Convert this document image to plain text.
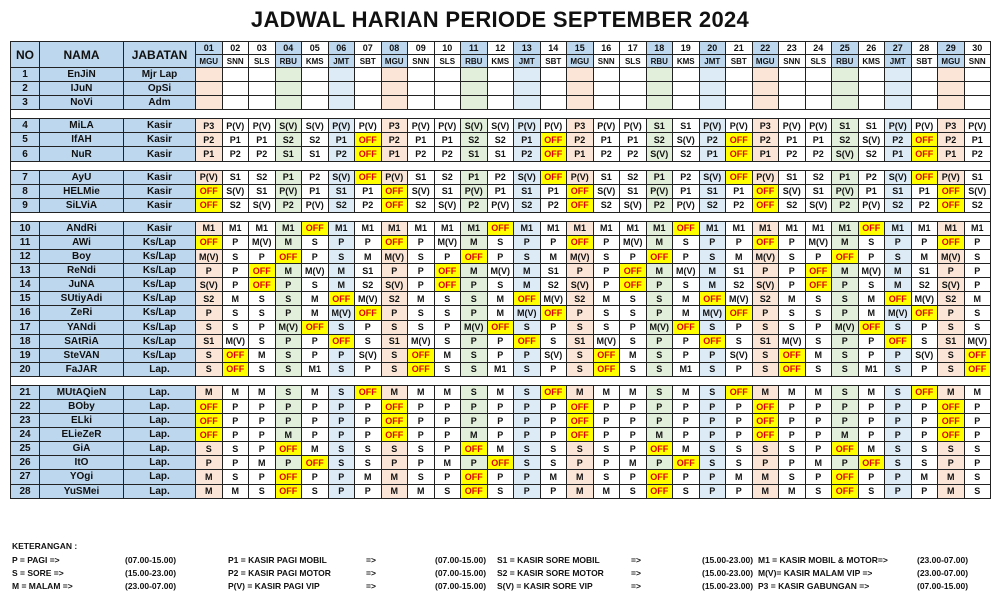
JADWAL HARIAN PERIODE SEPTEMBER 2024
NO	NAMA	JABATAN	01	02	03	04	05	06	07	08	09	10	11	12	13	14	15	16	17	18	19	20	21	22	23	24	25	26	27	28	29	30
			MGU	SNN	SLS	RBU	KMS	JMT	SBT	MGU	SNN	SLS	RBU	KMS	JMT	SBT	MGU	SNN	SLS	RBU	KMS	JMT	SBT	MGU	SNN	SLS	RBU	KMS	JMT	SBT	MGU	SNN
1	EnJiN	Mjr Lap																														
2	IJuN	OpSi																														
3	NoVi	Adm																														

4	MiLA	Kasir	P3	P(V)	P(V)	S(V)	S(V)	P(V)	P(V)	P3	P(V)	P(V)	S(V)	S(V)	P(V)	P(V)	P3	P(V)	P(V)	S1	S1	P(V)	P(V)	P3	P(V)	P(V)	S1	S1	P(V)	P(V)	P3	P(V)
5	IfAH	Kasir	P2	P1	P1	S2	S2	P1	OFF	P2	P1	P1	S2	S2	P1	OFF	P2	P1	P1	S2	S(V)	P2	OFF	P2	P1	P1	S2	S(V)	P2	OFF	P2	P1
6	NuR	Kasir	P1	P2	P2	S1	S1	P2	OFF	P1	P2	P2	S1	S1	P2	OFF	P1	P2	P2	S(V)	S2	P1	OFF	P1	P2	P2	S(V)	S2	P1	OFF	P1	P2

7	AyU	Kasir	P(V)	S1	S2	P1	P2	S(V)	OFF	P(V)	S1	S2	P1	P2	S(V)	OFF	P(V)	S1	S2	P1	P2	S(V)	OFF	P(V)	S1	S2	P1	P2	S(V)	OFF	P(V)	S1
8	HELMie	Kasir	OFF	S(V)	S1	P(V)	P1	S1	P1	OFF	S(V)	S1	P(V)	P1	S1	P1	OFF	S(V)	S1	P(V)	P1	S1	P1	OFF	S(V)	S1	P(V)	P1	S1	P1	OFF	S(V)
9	SiLViA	Kasir	OFF	S2	S(V)	P2	P(V)	S2	P2	OFF	S2	S(V)	P2	P(V)	S2	P2	OFF	S2	S(V)	P2	P(V)	S2	P2	OFF	S2	S(V)	P2	P(V)	S2	P2	OFF	S2

10	ANdRi	Kasir	M1	M1	M1	M1	OFF	M1	M1	M1	M1	M1	M1	OFF	M1	M1	M1	M1	M1	M1	OFF	M1	M1	M1	M1	M1	M1	OFF	M1	M1	M1	M1
11	AWi	Ks/Lap	OFF	P	M(V)	M	S	P	P	OFF	P	M(V)	M	S	P	P	OFF	P	M(V)	M	S	P	P	OFF	P	M(V)	M	S	P	P	OFF	P
12	Boy	Ks/Lap	M(V)	S	P	OFF	P	S	M	M(V)	S	P	OFF	P	S	M	M(V)	S	P	OFF	P	S	M	M(V)	S	P	OFF	P	S	M	M(V)	S
13	ReNdi	Ks/Lap	P	P	OFF	M	M(V)	M	S1	P	P	OFF	M	M(V)	M	S1	P	P	OFF	M	M(V)	M	S1	P	P	OFF	M	M(V)	M	S1	P	P
14	JuNA	Ks/Lap	S(V)	P	OFF	P	S	M	S2	S(V)	P	OFF	P	S	M	S2	S(V)	P	OFF	P	S	M	S2	S(V)	P	OFF	P	S	M	S2	S(V)	P
15	SUtiyAdi	Ks/Lap	S2	M	S	S	M	OFF	M(V)	S2	M	S	S	M	OFF	M(V)	S2	M	S	S	M	OFF	M(V)	S2	M	S	S	M	OFF	M(V)	S2	M
16	ZeRi	Ks/Lap	P	S	S	P	M	M(V)	OFF	P	S	S	P	M	M(V)	OFF	P	S	S	P	M	M(V)	OFF	P	S	S	P	M	M(V)	OFF	P	S
17	YANdi	Ks/Lap	S	S	P	M(V)	OFF	S	P	S	S	P	M(V)	OFF	S	P	S	S	P	M(V)	OFF	S	P	S	S	P	M(V)	OFF	S	P	S	S
18	SAtRiA	Ks/Lap	S1	M(V)	S	P	P	OFF	S	S1	M(V)	S	P	P	OFF	S	S1	M(V)	S	P	P	OFF	S	S1	M(V)	S	P	P	OFF	S	S1	M(V)
19	SteVAN	Ks/Lap	S	OFF	M	S	P	P	S(V)	S	OFF	M	S	P	P	S(V)	S	OFF	M	S	P	P	S(V)	S	OFF	M	S	P	P	S(V)	S	OFF
20	FaJAR	Lap.	S	OFF	S	S	M1	S	P	S	OFF	S	S	M1	S	P	S	OFF	S	S	M1	S	P	S	OFF	S	S	M1	S	P	S	OFF

21	MUtAQieN	Lap.	M	M	M	S	M	S	OFF	M	M	M	S	M	S	OFF	M	M	M	S	M	S	OFF	M	M	M	S	M	S	OFF	M	M
22	BOby	Lap.	OFF	P	P	P	P	P	P	OFF	P	P	P	P	P	P	OFF	P	P	P	P	P	P	OFF	P	P	P	P	P	P	OFF	P
23	ELki	Lap.	OFF	P	P	P	P	P	P	OFF	P	P	P	P	P	P	OFF	P	P	P	P	P	P	OFF	P	P	P	P	P	P	OFF	P
24	ELieZeR	Lap.	OFF	P	P	M	P	P	P	OFF	P	P	M	P	P	P	OFF	P	P	M	P	P	P	OFF	P	P	M	P	P	P	OFF	P
25	GiA	Lap.	S	S	P	OFF	M	S	S	S	S	P	OFF	M	S	S	S	S	P	OFF	M	S	S	S	S	P	OFF	M	S	S	S	S
26	ItO	Lap.	P	P	M	P	OFF	S	S	P	P	M	P	OFF	S	S	P	P	M	P	OFF	S	S	P	P	M	P	OFF	S	S	P	P
27	YOgi	Lap.	M	S	P	OFF	P	P	M	M	S	P	OFF	P	P	M	M	S	P	OFF	P	P	M	M	S	P	OFF	P	P	M	M	S
28	YuSMei	Lap.	M	M	S	OFF	S	P	P	M	M	S	OFF	S	P	P	M	M	S	OFF	S	P	P	M	M	S	OFF	S	P	P	M	S
KETERANGAN :
P = PAGI =>	(07.00-15.00)	P1 = KASIR PAGI MOBIL	=>	(07.00-15.00) S1 = KASIR SORE MOBIL	=>	(15.00-23.00) M1 = KASIR MOBIL & MOTOR=>	(23.00-07.00)
S = SORE =>	(15.00-23.00)	P2 = KASIR PAGI MOTOR	=>	(07.00-15.00) S2 = KASIR SORE MOTOR	=>	(15.00-23.00) M(V)= KASIR MALAM VIP =>	(23.00-07.00)
M = MALAM =>	(23.00-07.00)	P(V) = KASIR PAGI VIP	=>	(07.00-15.00) S(V) = KASIR SORE VIP	=>	(15.00-23.00) P3 = KASIR GABUNGAN =>	(07.00-15.00)
